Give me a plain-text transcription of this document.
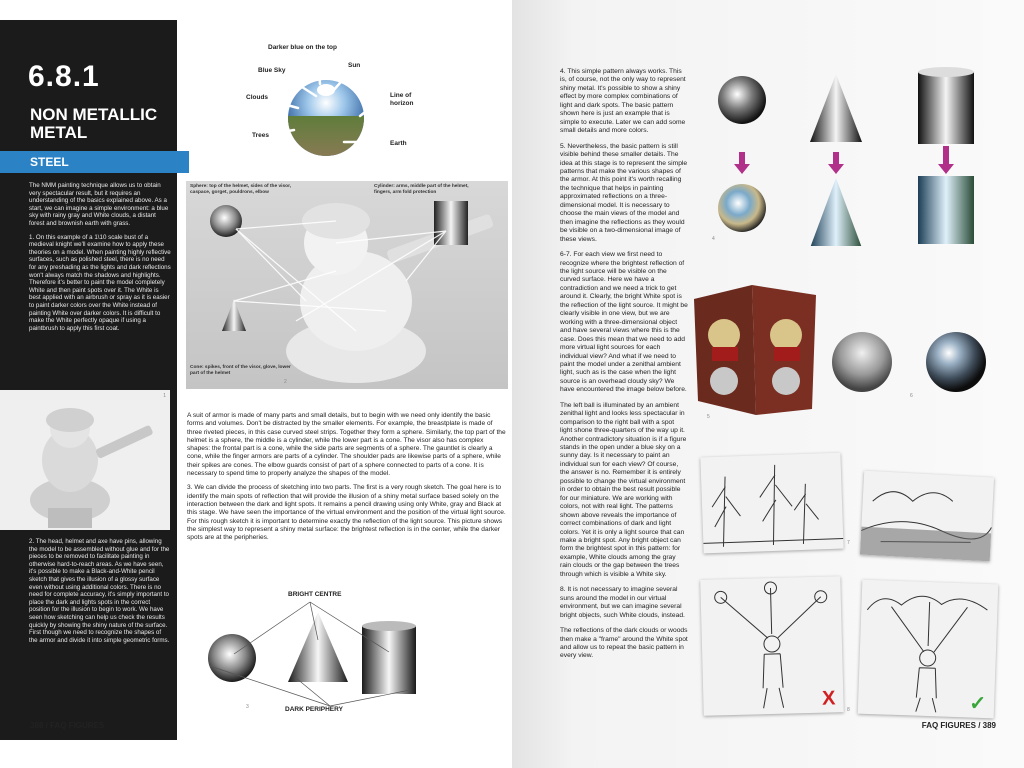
6.8.1
NON METALLIC METAL
STEEL

The NMM painting technique allows us to obtain very spectacular result, but it requires an understanding of the basics explained above. As a start, we can imagine a simple environment: a blue sky with rainy gray and White clouds, a distant forest and brownish earth with grass.

1. On this example of a 1\10 scale bust of a medieval knight we'll examine how to apply these theories on a model. When painting highly reflective surfaces, such as polished steel, there is no need for any preshading as the lights and dark reflections won't always match the shadows and highlights. Therefore it's better to paint the model completely White and then paint spots over it. The White is best applied with an airbrush or spray as it is easier to paint darker colors over the White instead of painting White over darker colors. It is difficult to make the White perfectly opaque if using a paintbrush to apply this first coat.

1

2. The head, helmet and axe have pins, allowing the model to be assembled without glue and for the pieces to be removed to facilitate painting in otherwise hard-to-reach areas. As we have seen, it's possible to make a Black-and-White pencil sketch that gives the illusion of a glossy surface even without using additional colors. There is no need for complete accuracy, it's simply important to place the dark and lights spots in the correct position for the illusion to begin to work. We have seen how sketching can help us check the results quickly by showing the shiny nature of the surface. First though we need to recognize the shapes of the armor and divide it into simple geometric forms.

Darker blue on the top
Blue Sky
Sun
Clouds	Line of horizon
Trees
Earth
Sphere: top of the helmet, sides of the visor, caspace, gorget, pouldrons, elbow
Cylinder: arms, middle part of the helmet, fingers, arm fold protection
Cone: spikes, front of the visor, glove, lower part of the helmet
2

A suit of armor is made of many parts and small details, but to begin with we need only identify the basic forms and volumes. Don't be distracted by the smaller elements. For example, the breastplate is made of three riveted pieces, in this case curved steel strips. Together they form a sphere. Similarly, the top part of the helmet is a sphere, the middle is a cylinder, while the lower part is a cone. The visor also has complex shapes: the frontal part is a cone, while the side parts are segments of a sphere. The gauntlet is clearly a cone, while the finger armors are parts of a cylinder. The shoulder pads are likewise parts of a sphere, while their spikes are cones. The elbow guards consist of part of a sphere connected to parts of a cone. It is necessary to spend time to properly analyze the shapes of the model.

3. We can divide the process of sketching into two parts. The first is a very rough sketch. The goal here is to identify the main spots of reflection that will provide the illusion of a shiny metal surface based solely on the interaction between the dark and light spots. It remains a pencil drawing using only White, gray and Black at this stage. We have seen the importance of the virtual environment and the position of the virtual light source. For this rough sketch it is important to determine exactly the reflection of the light source. This picture shows the simplest way to represent a shiny metal surface: the brightest reflection is in the center, while the darker spots are at the peripheries.

BRIGHT CENTRE
DARK PERIPHERY
3
388 / FAQ FIGURES

4. This simple pattern always works. This is, of course, not the only way to represent shiny metal. It's possible to show a shiny effect by more complex combinations of light and dark spots. The basic pattern shown here is just an example that is simple to execute. Later we can add some small details and more colors.

5. Nevertheless, the basic pattern is still visible behind these smaller details. The idea at this stage is to represent the simple patterns that make the various shapes of the armor. At this point it's worth recalling the technique that helps in painting approximated reflections on a three-dimensional model. It is necessary to choose the main views of the model and then imagine the reflections as they would be visible on a two-dimensional image of these views.

6-7. For each view we first need to recognize where the brightest reflection of the light source will be visible on the curved surface. Here we have a contradiction and we need a trick to get around it. Clearly, the bright White spot is the reflection of the light source. It might be clearly visible in one view, but we are working with a three-dimensional object and have several views where this is the case. Does this mean that we need to add more virtual light sources for each individual view? And what if we need to paint the model under a zenithal ambient light, such as is the case when the light source is an overhead cloudy sky? We have encountered the image below before.

The left ball is illuminated by an ambient zenithal light and looks less spectacular in comparison to the right ball with a spot light shone three-quarters of the way up it. Another contradictory situation is if a figure stands in the open under a blue sky on a sunny day. Is it necessary to paint an individual sun for each view? Of course, the answer is no. Remember it is entirely possible to change the virtual environment in order to obtain the best result possible for our miniature. We are working with colors, not with real light. The patterns shown above reveals the importance of correct combinations of dark and light colors. Yet it is only a light source that can make a bright spot. Any bright object can form the brightest spot in this pattern: for example, White clouds among the gray rain clouds or the gap between the trees through which is visible a White sky.

8. It is not necessary to imagine several suns around the model in our virtual environment, but we can imagine several bright objects, such White clouds, instead.

The reflections of the dark clouds or woods then make a "frame" around the White spot and allow us to repeat the basic pattern in every view.

4
5
6
7
X	✓
8
FAQ FIGURES / 389
